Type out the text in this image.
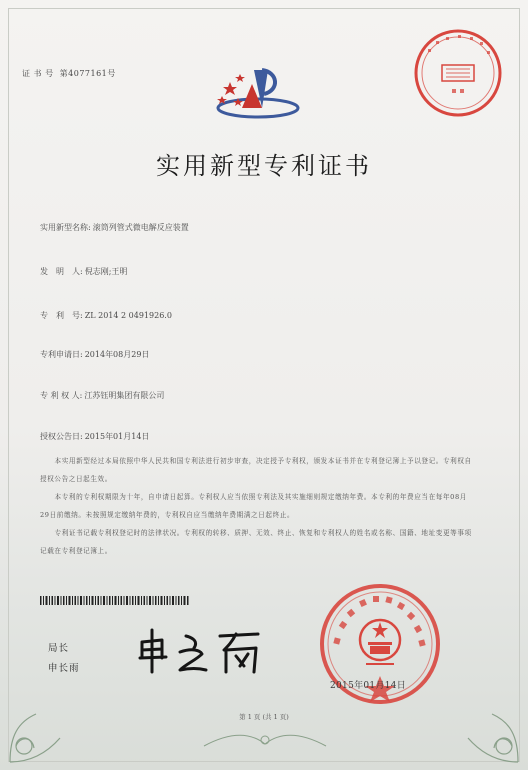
证 书 号 第4077161号
实用新型专利证书
实用新型名称: 滚筒列管式微电解反应装置
发　明　人: 倪志刚;王明
专　利　号: ZL 2014 2 0491926.0
专利申请日: 2014年08月29日
专 利 权 人: 江苏钰明集团有限公司
授权公告日: 2015年01月14日

本实用新型经过本局依照中华人民共和国专利法进行初步审查，决定授予专利权，颁发本证书并在专利登记簿上予以登记。专利权自授权公告之日起生效。

本专利的专利权期限为十年，自申请日起算。专利权人应当依照专利法及其实施细则规定缴纳年费。本专利的年费应当在每年08月29日前缴纳。未按照规定缴纳年费的，专利权自应当缴纳年费期满之日起终止。

专利证书记载专利权登记时的法律状况。专利权的转移、质押、无效、终止、恢复和专利权人的姓名或名称、国籍、地址变更等事项记载在专利登记簿上。

局长
申长雨
2015年01月14日
第 1 页 (共 1 页)
